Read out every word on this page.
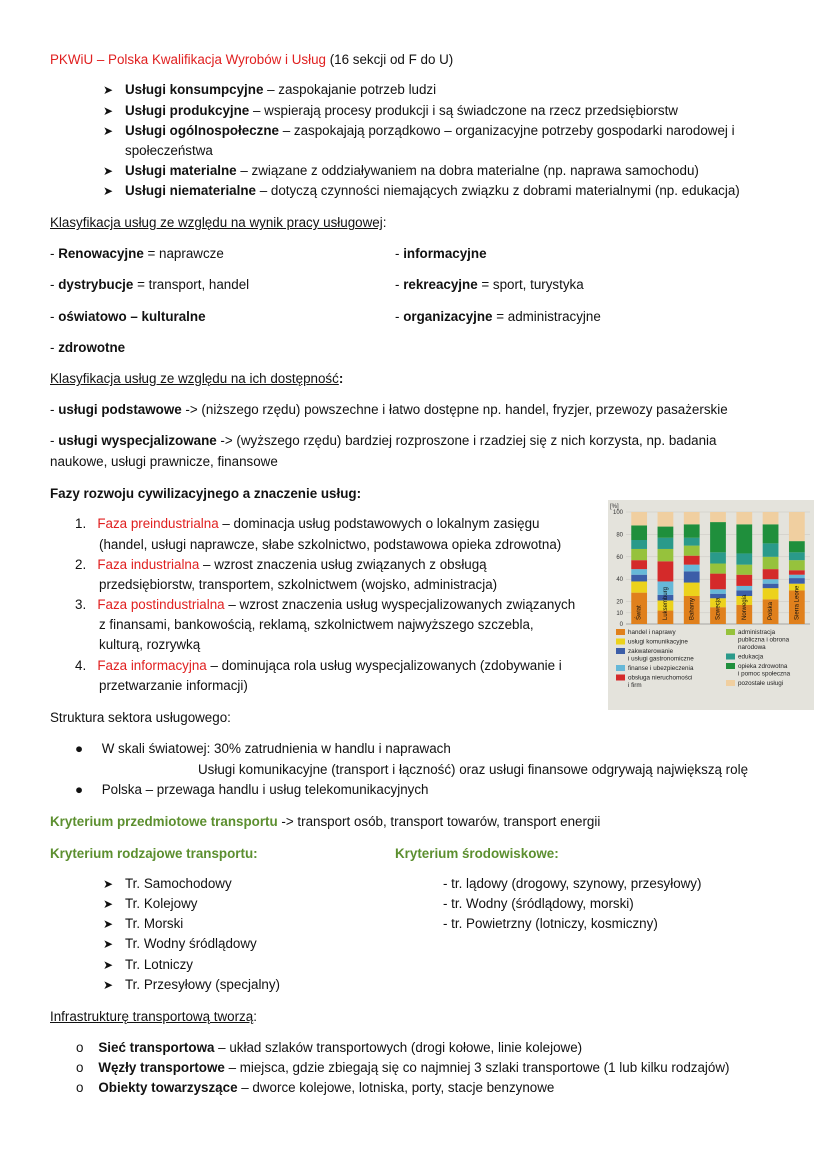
PKWiU – Polska Kwalifikacja Wyrobów i Usług (16 sekcji od F do U)
➤ Usługi konsumpcyjne – zaspokajanie potrzeb ludzi
➤ Usługi produkcyjne – wspierają procesy produkcji i są świadczone na rzecz przedsiębiorstw
➤ Usługi ogólnospołeczne – zaspokajają porządkowo – organizacyjne potrzeby gospodarki narodowej i
społeczeństwa
➤ Usługi materialne – związane z oddziaływaniem na dobra materialne (np. naprawa samochodu)
➤ Usługi niematerialne – dotyczą czynności niemających związku z dobrami materialnymi (np. edukacja)
Klasyfikacja usług ze względu na wynik pracy usługowej:
- Renowacyjne = naprawcze	- informacyjne
- dystrybucje = transport, handel	- rekreacyjne = sport, turystyka
- oświatowo – kulturalne	- organizacyjne = administracyjne
- zdrowotne
Klasyfikacja usług ze względu na ich dostępność:
- usługi podstawowe -> (niższego rzędu) powszechne i łatwo dostępne np. handel, fryzjer, przewozy pasażerskie
- usługi wyspecjalizowane -> (wyższego rzędu) bardziej rozproszone i rzadziej się z nich korzysta, np. badania
naukowe, usługi prawnicze, finansowe
Fazy rozwoju cywilizacyjnego a znaczenie usług:
1. Faza preindustrialna – dominacja usług podstawowych o lokalnym zasięgu
(handel, usługi naprawcze, słabe szkolnictwo, podstawowa opieka zdrowotna)
2. Faza industrialna – wzrost znaczenia usług związanych z obsługą
przedsiębiorstw, transportem, szkolnictwem (wojsko, administracja)
3. Faza postindustrialna – wzrost znaczenia usług wyspecjalizowanych związanych
z finansami, bankowością, reklamą, szkolnictwem najwyższego szczebla,
kulturą, rozrywką
4. Faza informacyjna – dominująca rola usług wyspecjalizowanych (zdobywanie i
przetwarzanie informacji)
[%]
0
10
20
40
60
80
100
Świat	Luksemburg	Bahamy	Szwecja	Norwegia	Polska	Sierra Leone
handel i naprawy
usługi komunikacyjne
zakwaterowanie
i usługi gastronomiczne
finanse i ubezpieczenia
obsługa nieruchomości
i firm
administracja
publiczna i obrona
narodowa
edukacja
opieka zdrowotna
i pomoc społeczna
pozostałe usługi
Struktura sektora usługowego:
● W skali światowej: 30% zatrudnienia w handlu i naprawach
Usługi komunikacyjne (transport i łączność) oraz usługi finansowe odgrywają największą rolę
● Polska – przewaga handlu i usług telekomunikacyjnych
Kryterium przedmiotowe transportu -> transport osób, transport towarów, transport energii
Kryterium rodzajowe transportu:	Kryterium środowiskowe:
➤ Tr. Samochodowy
➤ Tr. Kolejowy
➤ Tr. Morski
➤ Tr. Wodny śródlądowy
➤ Tr. Lotniczy
➤ Tr. Przesyłowy (specjalny)
- tr. lądowy (drogowy, szynowy, przesyłowy)
- tr. Wodny (śródlądowy, morski)
- tr. Powietrzny (lotniczy, kosmiczny)
Infrastrukturę transportową tworzą:
o Sieć transportowa – układ szlaków transportowych (drogi kołowe, linie kolejowe)
o Węzły transportowe – miejsca, gdzie zbiegają się co najmniej 3 szlaki transportowe (1 lub kilku rodzajów)
o Obiekty towarzyszące – dworce kolejowe, lotniska, porty, stacje benzynowe
